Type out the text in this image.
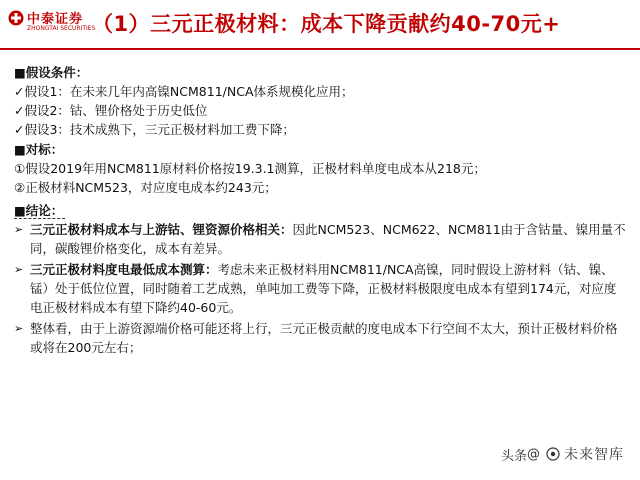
中泰证券
ZHONGTAI SECURITIES
（1）三元正极材料：成本下降贡献约40-70元+
■假设条件：
✓假设1：在未来几年内高镍NCM811/NCA体系规模化应用；
✓假设2：钴、锂价格处于历史低位
✓假设3：技术成熟下，三元正极材料加工费下降；
■对标：
①假设2019年用NCM811原材料价格按19.3.1测算，正极材料单度电成本从218元；
②正极材料NCM523，对应度电成本约243元；
■结论：
➢ 三元正极材料成本与上游钴、锂资源价格相关：因此NCM523、NCM622、NCM811由于含钴量、镍用量不同，碳酸锂价格变化，成本有差异。
➢ 三元正极材料度电最低成本测算：考虑未来正极材料用NCM811/NCA高镍，同时假设上游材料（钴、镍、锰）处于低位位置，同时随着工艺成熟，单吨加工费等下降，正极材料极限度电成本有望到174元，对应度电正极材料成本有望下降约40-60元。
➢ 整体看，由于上游资源端价格可能还将上行，三元正极贡献的度电成本下行空间不太大，预计正极材料价格或将在200元左右；
头条 @ 未来智库
